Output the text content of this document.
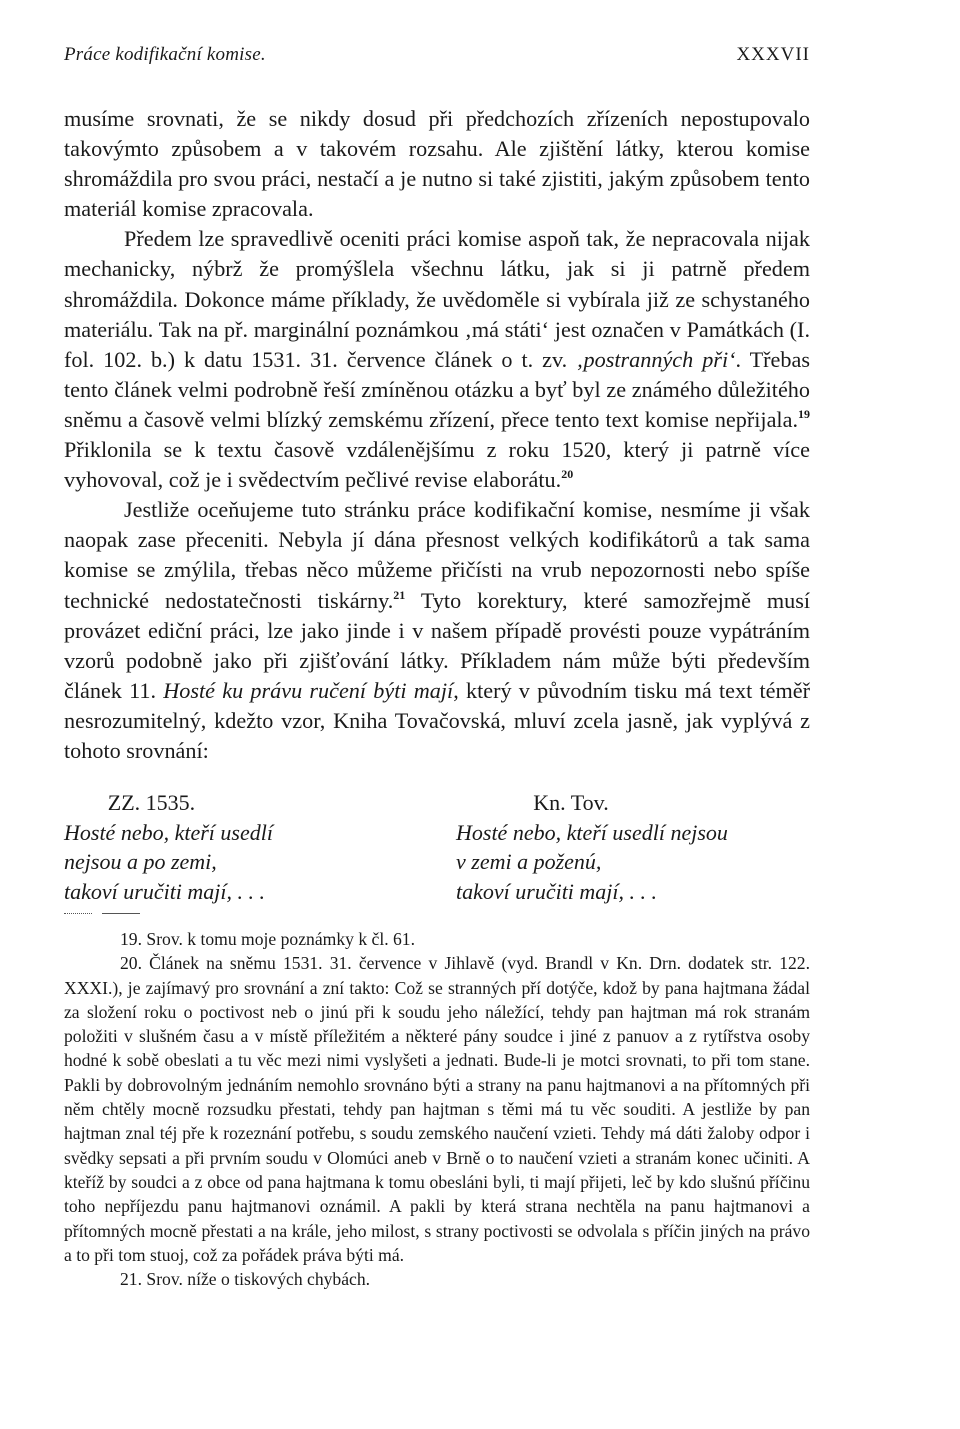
Práce kodifikační komise.	XXXVII

musíme srovnati, že se nikdy dosud při předchozích zřízeních nepostupovalo takovýmto způsobem a v takovém rozsahu. Ale zjištění látky, kterou komise shromáždila pro svou práci, nestačí a je nutno si také zjistiti, jakým způsobem tento materiál komise zpracovala.

Předem lze spravedlivě oceniti práci komise aspoň tak, že nepracovala nijak mechanicky, nýbrž že promýšlela všechnu látku, jak si ji patrně předem shromáždila. Dokonce máme příklady, že uvědoměle si vybírala již ze schystaného materiálu. Tak na př. marginální poznámkou ‚má státi‘ jest označen v Památkách (I. fol. 102. b.) k datu 1531. 31. července článek o t. zv. ‚postranných při‘. Třebas tento článek velmi podrobně řeší zmíněnou otázku a byť byl ze známého důležitého sněmu a časově velmi blízký zemskému zřízení, přece tento text komise nepřijala.$^{19}$ Přiklonila se k textu časově vzdálenějšímu z roku 1520, který ji patrně více vyhovoval, což je i svědectvím pečlivé revise elaborátu.$^{20}$

Jestliže oceňujeme tuto stránku práce kodifikační komise, nesmíme ji však naopak zase přeceniti. Nebyla jí dána přesnost velkých kodifikátorů a tak sama komise se zmýlila, třebas něco můžeme přičísti na vrub nepozornosti nebo spíše technické nedostatečnosti tiskárny.$^{21}$ Tyto korektury, které samozřejmě musí provázet ediční práci, lze jako jinde i v našem případě provésti pouze vypátráním vzorů podobně jako při zjišťování látky. Příkladem nám může býti především článek 11. Hosté ku právu ručení býti mají, který v původním tisku má text téměř nesrozumitelný, kdežto vzor, Kniha Tovačovská, mluví zcela jasně, jak vyplývá z tohoto srovnání:

ZZ. 1535.
Hosté nebo, kteří usedlí
nejsou a po zemi,
takoví uručiti mají, . . .
Kn. Tov.
Hosté nebo, kteří usedlí nejsou
v zemi a poženú,
takoví uručiti mají, . . .

19. Srov. k tomu moje poznámky k čl. 61.

20. Článek na sněmu 1531. 31. července v Jihlavě (vyd. Brandl v Kn. Drn. dodatek str. 122. XXXI.), je zajímavý pro srovnání a zní takto: Což se stranných pří dotýče, kdož by pana hajtmana žádal za složení roku o poctivost neb o jinú při k soudu jeho náležící, tehdy pan hajtman má rok stranám položiti v slušném času a v místě příležitém a některé pány soudce i jiné z panuov a z rytířstva osoby hodné k sobě obeslati a tu věc mezi nimi vyslyšeti a jednati. Bude-li je motci srovnati, to při tom stane. Pakli by dobrovolným jednáním nemohlo srovnáno býti a strany na panu hajtmanovi a na přítomných při něm chtěly mocně rozsudku přestati, tehdy pan hajtman s těmi má tu věc souditi. A jestliže by pan hajtman znal téj pře k rozeznání potřebu, s soudu zemského naučení vzieti. Tehdy má dáti žaloby odpor i svědky sepsati a při prvním soudu v Olomúci aneb v Brně o to naučení vzieti a stranám konec učiniti. A kteříž by soudci a z obce od pana hajtmana k tomu obesláni byli, ti mají přijeti, leč by kdo slušnú příčinu toho nepříjezdu panu hajtmanovi oznámil. A pakli by která strana nechtěla na panu hajtmanovi a přítomných mocně přestati a na krále, jeho milost, s strany poctivosti se odvolala s příčin jiných na právo a to při tom stuoj, což za pořádek práva býti má.

21. Srov. níže o tiskových chybách.
